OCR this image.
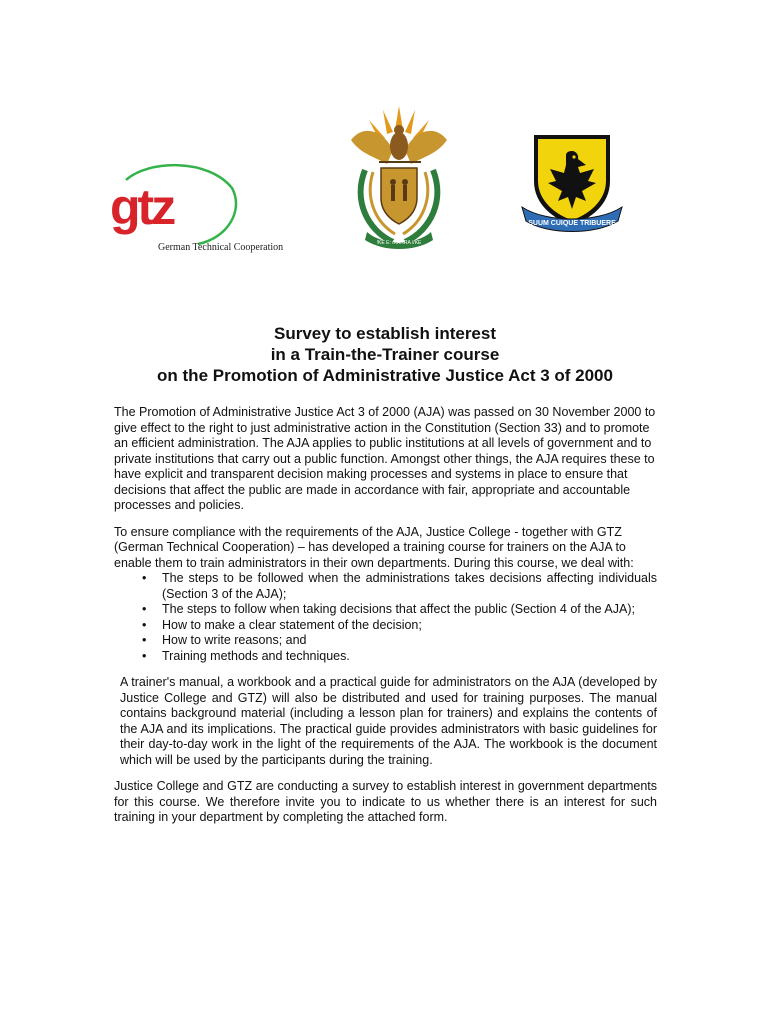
gtz
German Technical Cooperation	!KE E: /XARRA //KE
SUUM CUIQUE TRIBUERE
Survey to establish interest
in a Train-the-Trainer course
on the Promotion of Administrative Justice Act 3 of 2000

The Promotion of Administrative Justice Act 3 of 2000 (AJA) was passed on 30 November 2000 to give effect to the right to just administrative action in the Constitution (Section 33) and to promote an efficient administration. The AJA applies to public institutions at all levels of government and to private institutions that carry out a public function. Amongst other things, the AJA requires these to have explicit and transparent decision making processes and systems in place to ensure that decisions that affect the public are made in accordance with fair, appropriate and accountable processes and policies.

To ensure compliance with the requirements of the AJA, Justice College - together with GTZ (German Technical Cooperation) – has developed a training course for trainers on the AJA to enable them to train administrators in their own departments. During this course, we deal with:

• The steps to be followed when the administrations takes decisions affecting individuals (Section 3 of the AJA);
• The steps to follow when taking decisions that affect the public (Section 4 of the AJA);
• How to make a clear statement of the decision;
• How to write reasons; and
• Training methods and techniques.

A trainer's manual, a workbook and a practical guide for administrators on the AJA (developed by Justice College and GTZ) will also be distributed and used for training purposes. The manual contains background material (including a lesson plan for trainers) and explains the contents of the AJA and its implications. The practical guide provides administrators with basic guidelines for their day-to-day work in the light of the requirements of the AJA. The workbook is the document which will be used by the participants during the training.

Justice College and GTZ are conducting a survey to establish interest in government departments for this course. We therefore invite you to indicate to us whether there is an interest for such training in your department by completing the attached form.
